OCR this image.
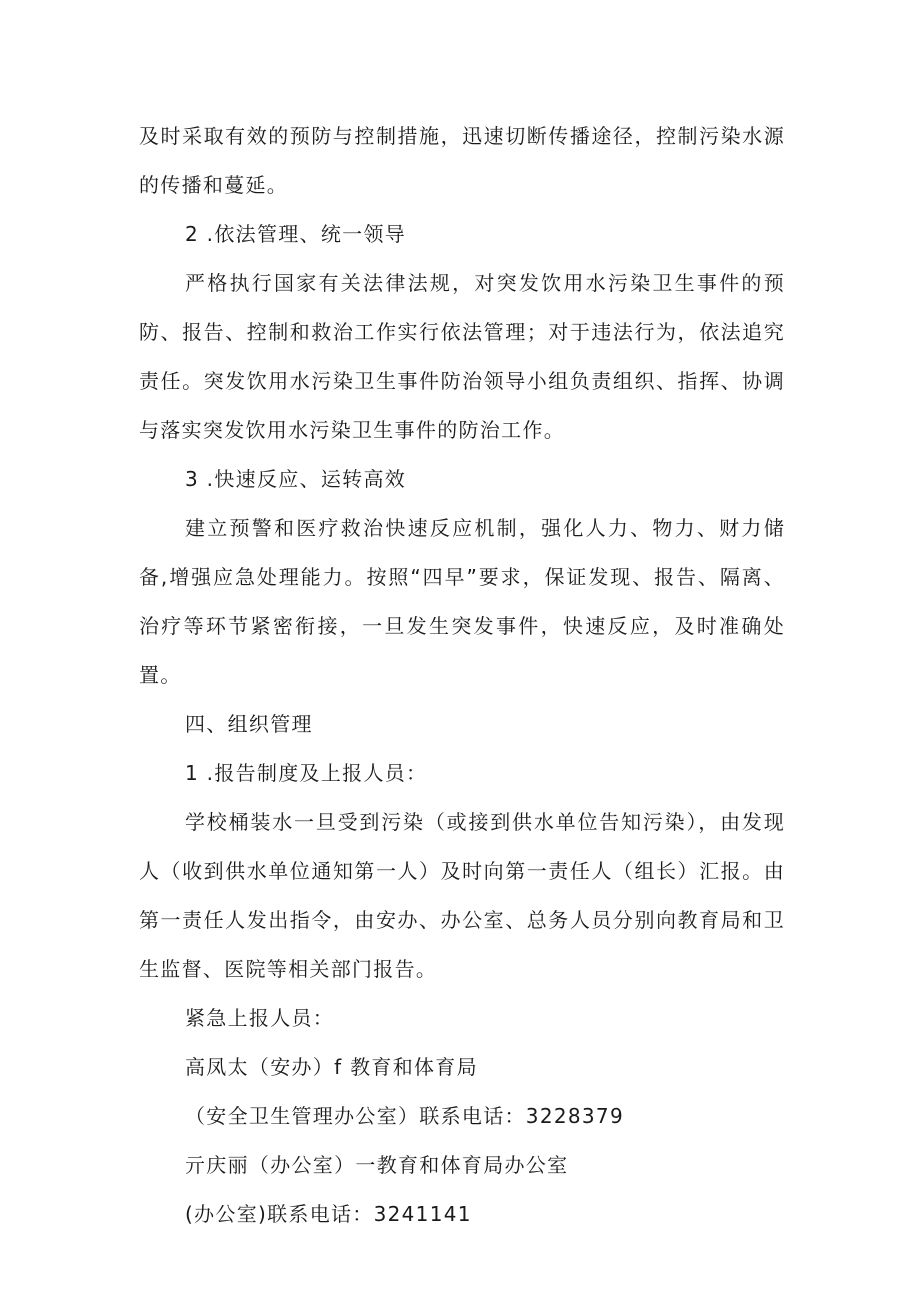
及时采取有效的预防与控制措施，迅速切断传播途径，控制污染水源的传播和蔓延。

2 .依法管理、统一领导

严格执行国家有关法律法规，对突发饮用水污染卫生事件的预防、报告、控制和救治工作实行依法管理；对于违法行为，依法追究责任。突发饮用水污染卫生事件防治领导小组负责组织、指挥、协调与落实突发饮用水污染卫生事件的防治工作。

3 .快速反应、运转高效

建立预警和医疗救治快速反应机制，强化人力、物力、财力储备,增强应急处理能力。按照“四早”要求，保证发现、报告、隔离、治疗等环节紧密衔接，一旦发生突发事件，快速反应，及时准确处置。

四、组织管理

1 .报告制度及上报人员：

学校桶装水一旦受到污染（或接到供水单位告知污染），由发现人（收到供水单位通知第一人）及时向第一责任人（组长）汇报。由第一责任人发出指令，由安办、办公室、总务人员分别向教育局和卫生监督、医院等相关部门报告。

紧急上报人员：

高凤太（安办）f 教育和体育局

（安全卫生管理办公室）联系电话：3228379

亓庆丽（办公室）一教育和体育局办公室

(办公室)联系电话：3241141
